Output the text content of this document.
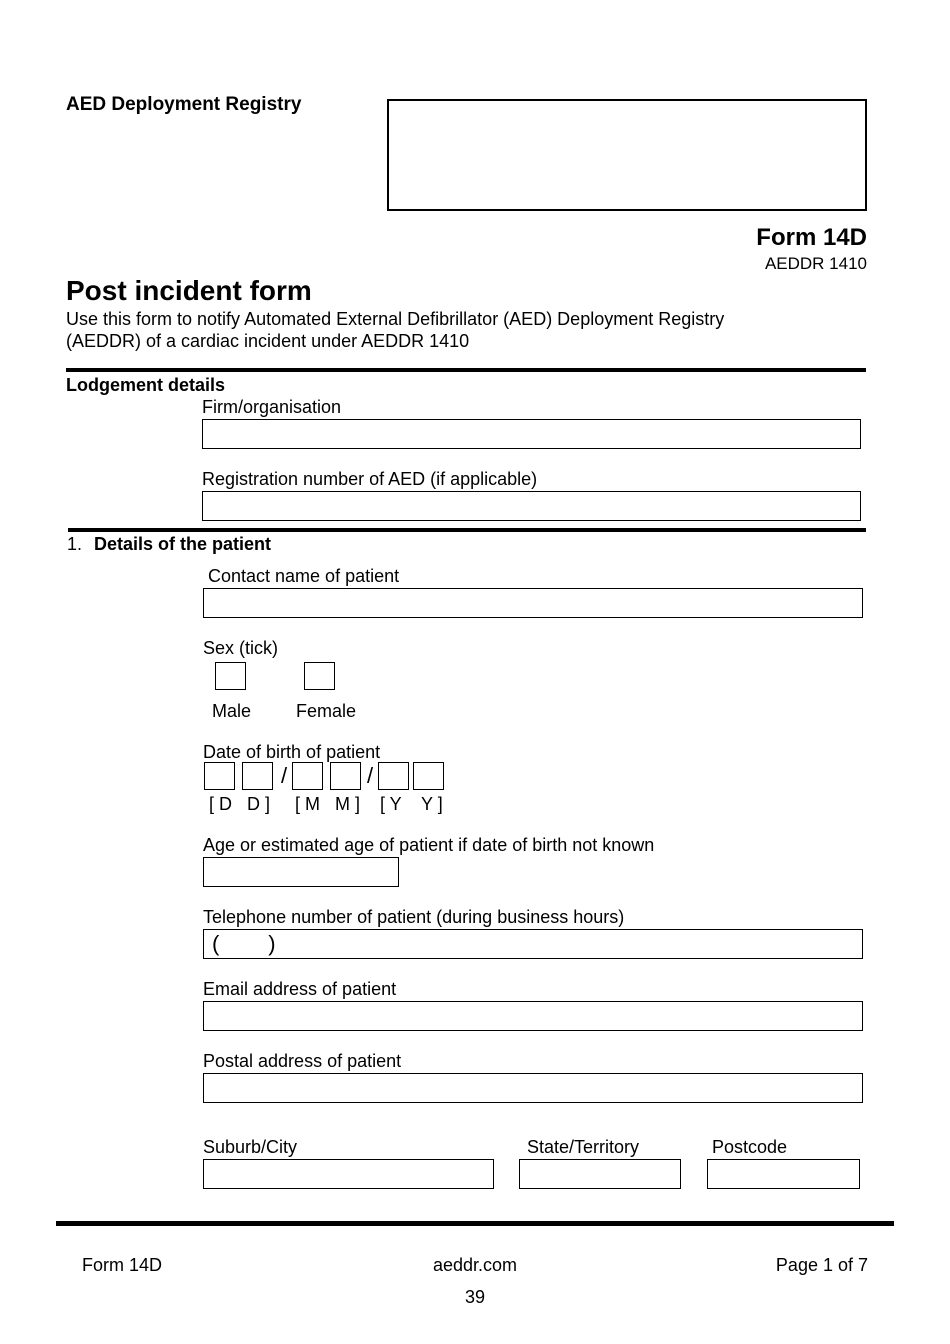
AED Deployment Registry
Form 14D
AEDDR 1410
Post incident form
Use this form to notify Automated External Defibrillator (AED) Deployment Registry
(AEDDR) of a cardiac incident under AEDDR 1410
Lodgement details
Firm/organisation
Registration number of AED (if applicable)
1. Details of the patient
Contact name of patient
Sex (tick)
Male Female
Date of birth of patient
/	/
[ D   D ] [ M   M ] [ Y    Y ]
Age or estimated age of patient if date of birth not known
Telephone number of patient (during business hours)
(        )
Email address of patient
Postal address of patient
Suburb/City	State/Territory	Postcode
Form 14D	aeddr.com	Page 1 of 7
39
